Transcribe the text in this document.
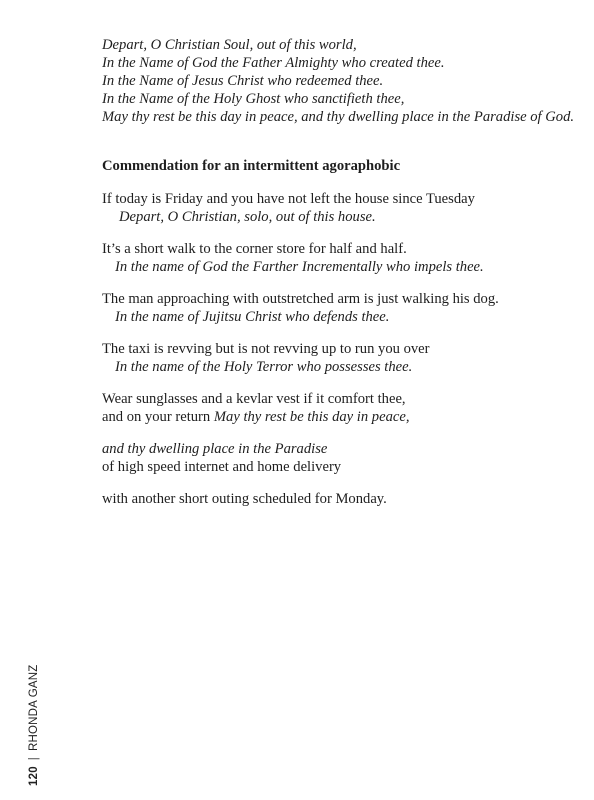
Depart, O Christian Soul, out of this world,

In the Name of God the Father Almighty who created thee.

In the Name of Jesus Christ who redeemed thee.

In the Name of the Holy Ghost who sanctifieth thee,

May thy rest be this day in peace, and thy dwelling place in the Paradise of God.

Commendation for an intermittent agoraphobic

If today is Friday and you have not left the house since Tuesday

Depart, O Christian, solo, out of this house.

It’s a short walk to the corner store for half and half.

In the name of God the Farther Incrementally who impels thee.

The man approaching with outstretched arm is just walking his dog.

In the name of Jujitsu Christ who defends thee.

The taxi is revving but is not revving up to run you over

In the name of the Holy Terror who possesses thee.

Wear sunglasses and a kevlar vest if it comfort thee,

and on your return May thy rest be this day in peace,

and thy dwelling place in the Paradise

of high speed internet and home delivery

with another short outing scheduled for Monday.

120|RHONDA GANZ
